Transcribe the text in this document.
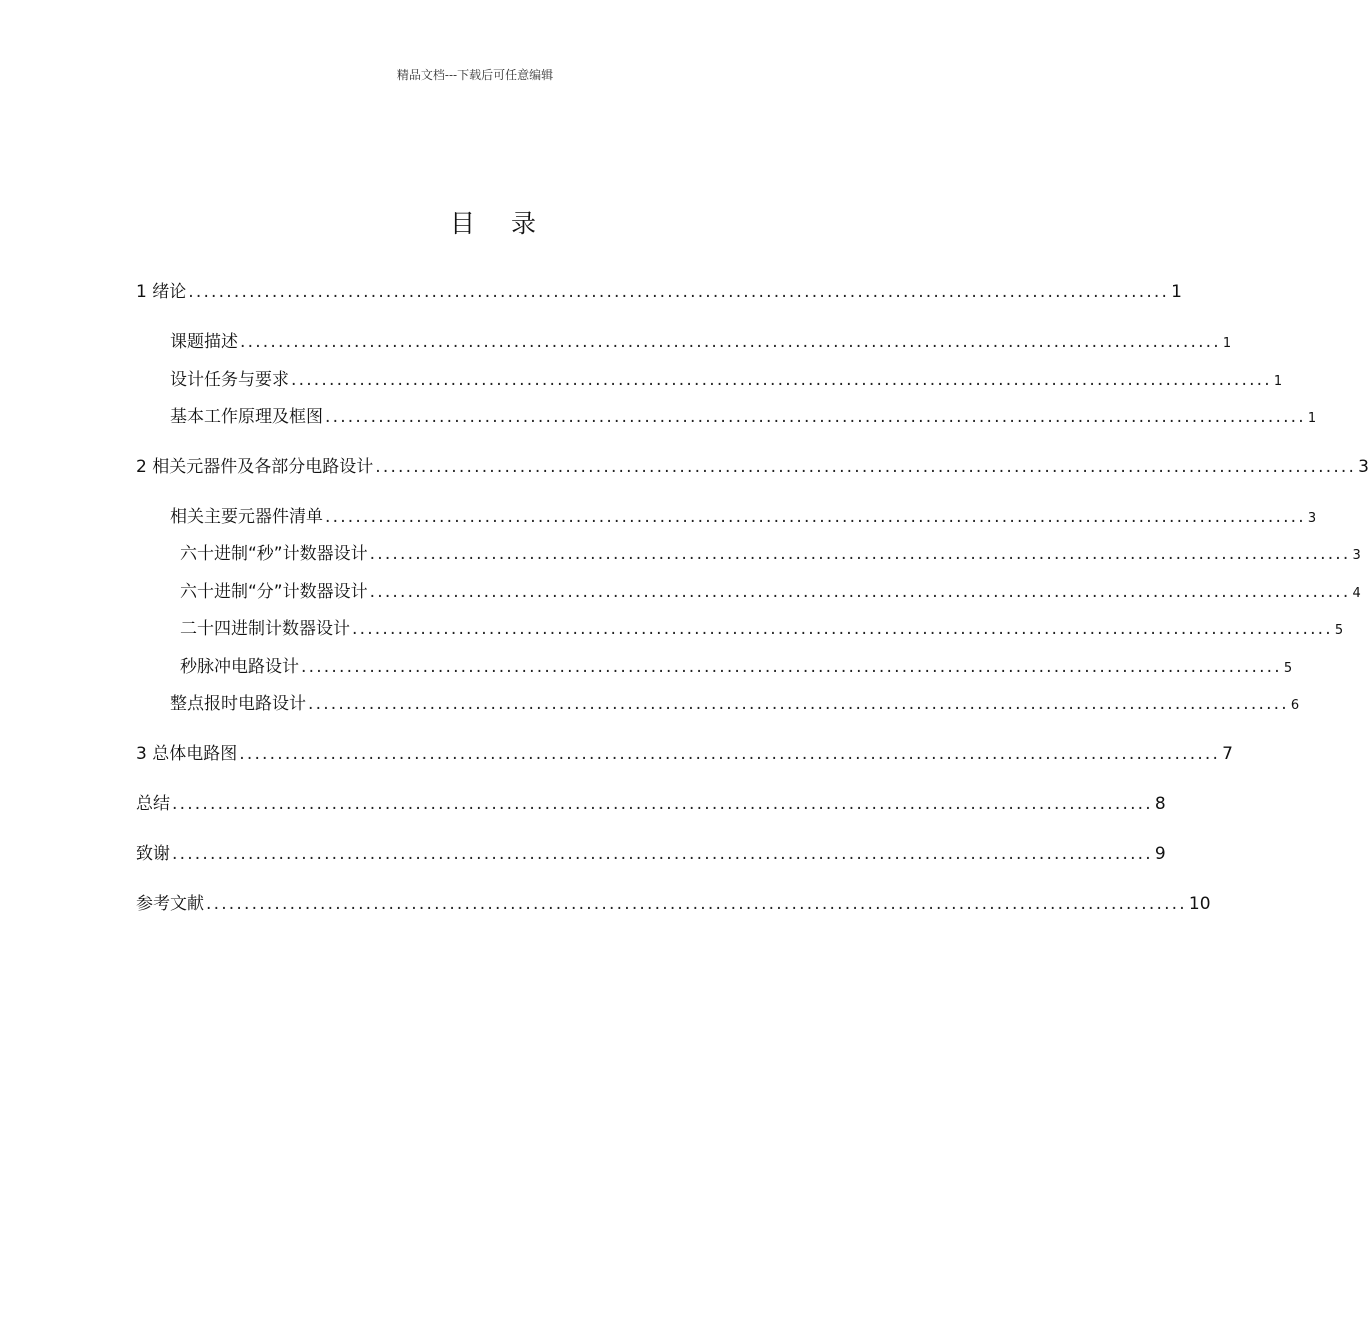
精品文档---下载后可任意编辑
目 录
1 绪论 ................................................................................................................................. 1
课题描述 ................................................................................................................................. 1
设计任务与要求 ................................................................................................................................. 1
基本工作原理及框图 ................................................................................................................................. 1
2 相关元器件及各部分电路设计 ................................................................................................................................. 3
相关主要元器件清单 ................................................................................................................................. 3
六十进制“秒”计数器设计 ................................................................................................................................. 3
六十进制“分”计数器设计 ................................................................................................................................. 4
二十四进制计数器设计 ................................................................................................................................. 5
秒脉冲电路设计 ................................................................................................................................. 5
整点报时电路设计 ................................................................................................................................. 6
3 总体电路图 ................................................................................................................................. 7
总结 ................................................................................................................................. 8
致谢 ................................................................................................................................. 9
参考文献 ................................................................................................................................. 10
